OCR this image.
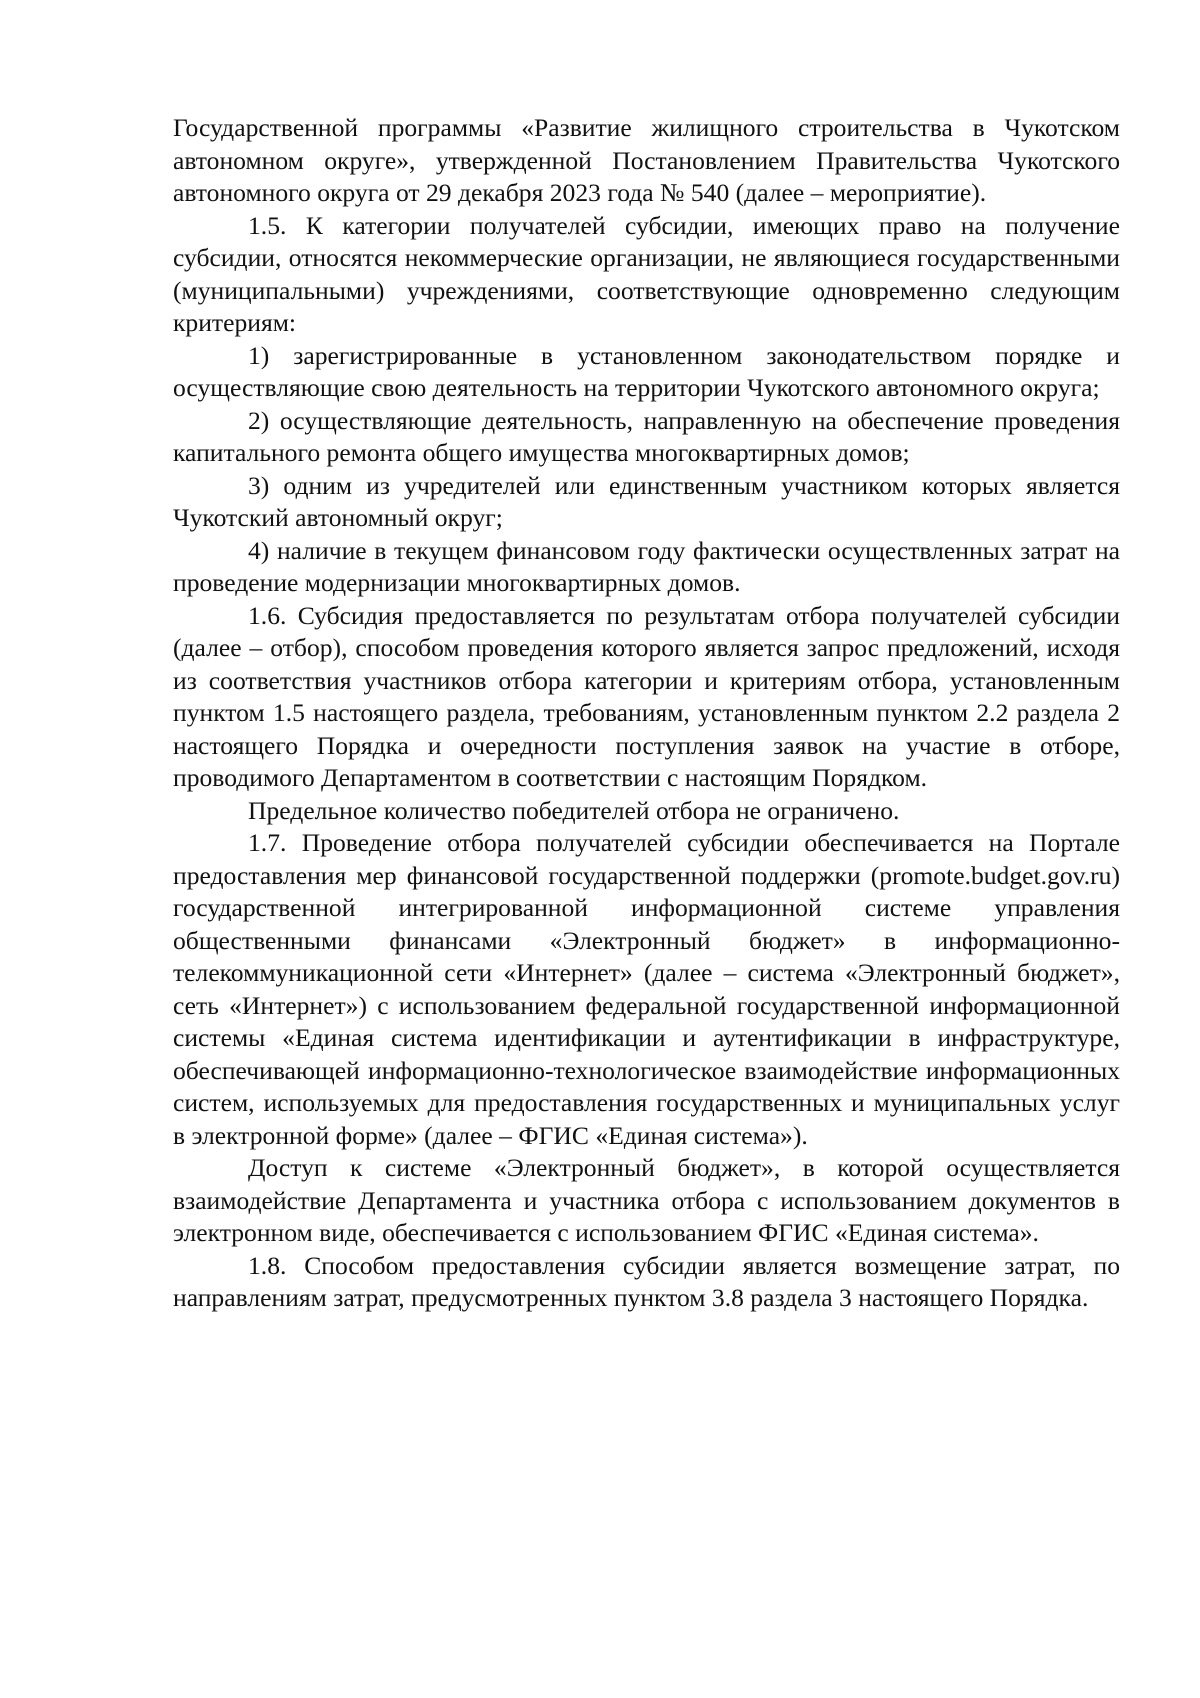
Государственной программы «Развитие жилищного строительства в Чукотском автономном округе», утвержденной Постановлением Правительства Чукотского автономного округа от 29 декабря 2023 года № 540 (далее – мероприятие).

1.5. К категории получателей субсидии, имеющих право на получение субсидии, относятся некоммерческие организации, не являющиеся государственными (муниципальными) учреждениями, соответствующие одновременно следующим критериям:

1) зарегистрированные в установленном законодательством порядке и осуществляющие свою деятельность на территории Чукотского автономного округа;

2) осуществляющие деятельность, направленную на обеспечение проведения капитального ремонта общего имущества многоквартирных домов;

3) одним из учредителей или единственным участником которых является Чукотский автономный округ;

4) наличие в текущем финансовом году фактически осуществленных затрат на проведение модернизации многоквартирных домов.

1.6. Субсидия предоставляется по результатам отбора получателей субсидии (далее – отбор), способом проведения которого является запрос предложений, исходя из соответствия участников отбора категории и критериям отбора, установленным пунктом 1.5 настоящего раздела, требованиям, установленным пунктом 2.2 раздела 2 настоящего Порядка и очередности поступления заявок на участие в отборе, проводимого Департаментом в соответствии с настоящим Порядком.

Предельное количество победителей отбора не ограничено.

1.7. Проведение отбора получателей субсидии обеспечивается на Портале предоставления мер финансовой государственной поддержки (promote.budget.gov.ru) государственной интегрированной информационной системе управления общественными финансами «Электронный бюджет» в информационно-телекоммуникационной сети «Интернет» (далее – система «Электронный бюджет», сеть «Интернет») с использованием федеральной государственной информационной системы «Единая система идентификации и аутентификации в инфраструктуре, обеспечивающей информационно-технологическое взаимодействие информационных систем, используемых для предоставления государственных и муниципальных услуг в электронной форме» (далее – ФГИС «Единая система»).

Доступ к системе «Электронный бюджет», в которой осуществляется взаимодействие Департамента и участника отбора с использованием документов в электронном виде, обеспечивается с использованием ФГИС «Единая система».

1.8. Способом предоставления субсидии является возмещение затрат, по направлениям затрат, предусмотренных пунктом 3.8 раздела 3 настоящего Порядка.
